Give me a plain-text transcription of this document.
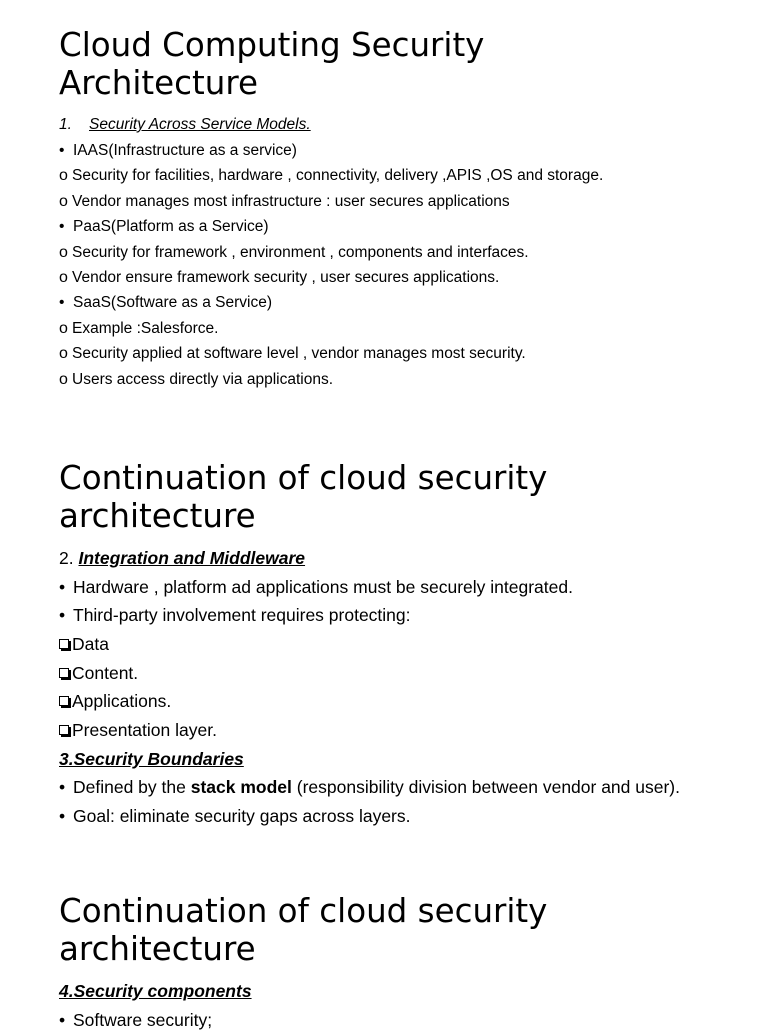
Cloud Computing Security
Architecture
1. Security Across Service Models.
• IAAS(Infrastructure as a service)
o Security for facilities, hardware , connectivity, delivery ,APIS ,OS and storage.
o Vendor manages most infrastructure : user secures applications
• PaaS(Platform as a Service)
o Security for framework , environment , components and interfaces.
o Vendor ensure framework security , user secures applications.
• SaaS(Software as a Service)
o Example :Salesforce.
o Security applied at software level , vendor manages most security.
o Users access directly via applications.
Continuation of cloud security
architecture
2. Integration and Middleware
• Hardware , platform ad applications must be securely integrated.
• Third-party involvement requires protecting:
Data
Content.
Applications.
Presentation layer.
3.Security Boundaries
• Defined by the stack model (responsibility division between vendor and user).
• Goal: eliminate security gaps across layers.
Continuation of cloud security
architecture
4.Security components
• Software security;
